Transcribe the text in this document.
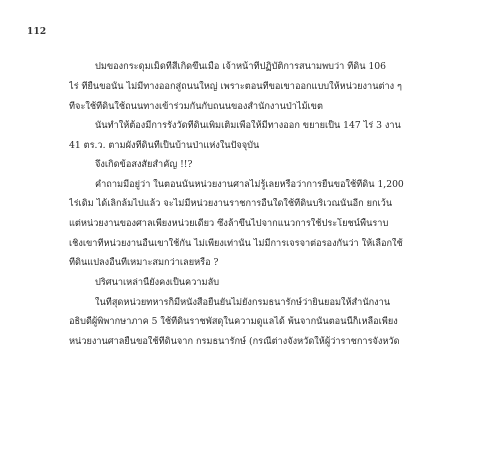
112
ปมของกระดุมเม็ดที่สี่เกิดขึ้นเมื่อ เจ้าหน้าที่ปฏิบัติการสนามพบว่า ที่ดิน 106
ไร่ ที่ยืนขอนั้น ไม่มีทางออกสู่ถนนใหญ่ เพราะตอนที่ขอเขาออกแบบให้หน่วยงานต่าง ๆ
ที่จะใช้ที่ดินใช้ถนนทางเข้าร่วมกันกับถนนของสำนักงานป่าไม้เขต
นั่นทำให้ต้องมีการรังวัดที่ดินเพิ่มเติมเพื่อให้มีทางออก ขยายเป็น 147 ไร่ 3 งาน
41 ตร.ว. ตามผังที่ดินที่เป็นบ้านป่าแห่งในปัจจุบัน
จึงเกิดข้อสงสัยสำคัญ !!?
คำถามมีอยู่ว่า ในตอนนั้นหน่วยงานศาลไม่รู้เลยหรือว่าการยื่นขอใช้ที่ดิน 1,200
ไร่เดิม ได้เลิกล้มไปแล้ว จะไม่มีหน่วยงานราชการอื่นใดใช้ที่ดินบริเวณนั้นอีก ยกเว้น
แต่หน่วยงานของศาลเพียงหน่วยเดียว ซึ่งล้าขึ้นไปจากแนวการใช้ประโยชน์พื้นราบ
เชิงเขาที่หน่วยงานอื่นเขาใช้กัน ไม่เพียงเท่านั้น ไม่มีการเจรจาต่อรองกันว่า ให้เลือกใช้
ที่ดินแปลงอื่นที่เหมาะสมกว่าเลยหรือ ?
ปริศนาเหล่านี้ยังคงเป็นความลับ
ในที่สุดหน่วยทหารก็มีหนังสือยืนยันไม่ยังกรมธนารักษ์ว่ายินยอมให้สำนักงาน
อธิบดีผู้พิพากษาภาค 5 ใช้ที่ดินราชพัสดุในความดูแลได้ พ้นจากนั้นตอนนี้ก็เหลือเพียง
หน่วยงานศาลยื่นขอใช้ที่ดินจาก กรมธนารักษ์ (กรณีต่างจังหวัดให้ผู้ว่าราชการจังหวัด
